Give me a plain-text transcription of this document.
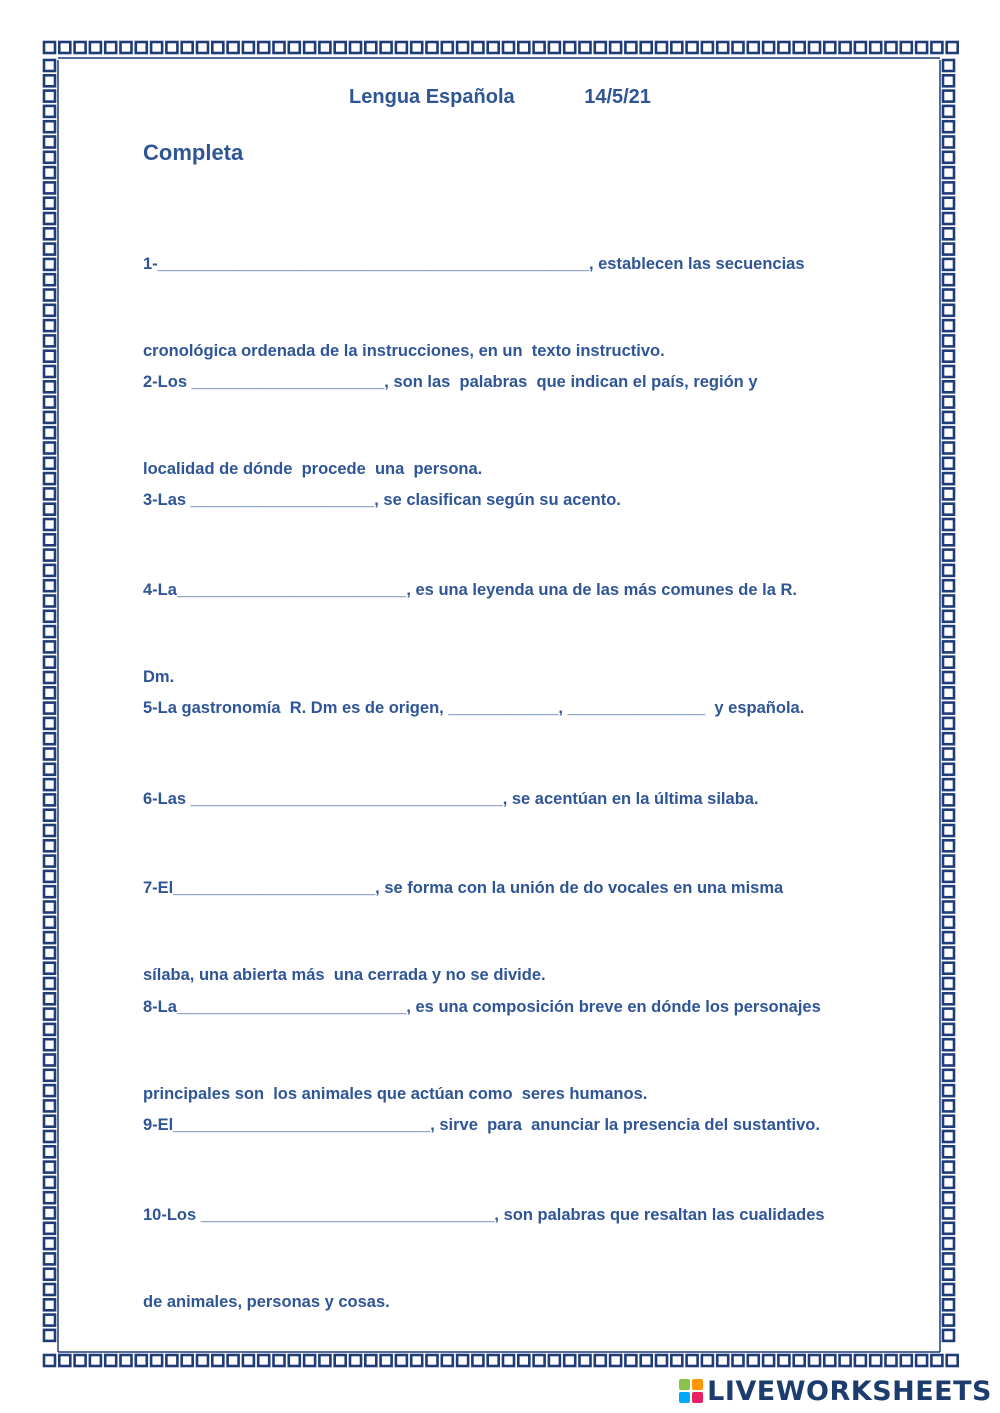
Lengua Española	14/5/21
Completa

1-_______________________________________________, establecen las secuencias

cronológica ordenada de la instrucciones, en un  texto instructivo.

2-Los _____________________, son las  palabras  que indican el país, región y

localidad de dónde  procede  una  persona.

3-Las ____________________, se clasifican según su acento.

4-La_________________________, es una leyenda una de las más comunes de la R.

Dm.

5-La gastronomía  R. Dm es de origen, ____________, _______________  y española.

6-Las __________________________________, se acentúan en la última silaba.

7-El______________________, se forma con la unión de do vocales en una misma

sílaba, una abierta más  una cerrada y no se divide.

8-La_________________________, es una composición breve en dónde los personajes

principales son  los animales que actúan como  seres humanos.

9-El____________________________, sirve  para  anunciar la presencia del sustantivo.

10-Los ________________________________, son palabras que resaltan las cualidades

de animales, personas y cosas.

LIVEWORKSHEETS
